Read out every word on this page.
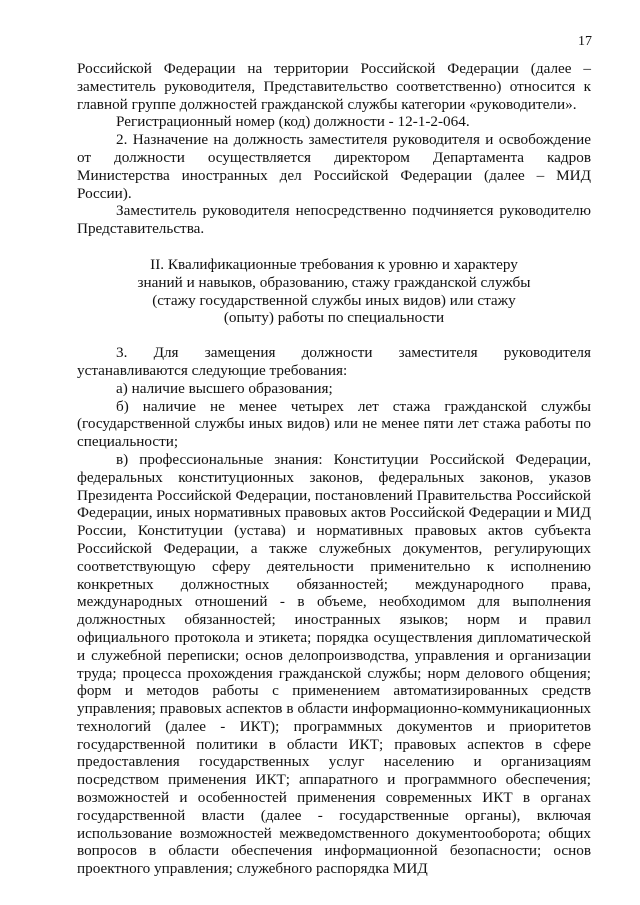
17

Российской Федерации на территории Российской Федерации (далее – заместитель руководителя, Представительство соответственно) относится к главной группе должностей гражданской службы категории «руководители».

Регистрационный номер (код) должности - 12-1-2-064.

2. Назначение на должность заместителя руководителя и освобождение от должности осуществляется директором Департамента кадров Министерства иностранных дел Российской Федерации (далее – МИД России).

Заместитель руководителя непосредственно подчиняется руководителю Представительства.

II. Квалификационные требования к уровню и характеру
знаний и навыков, образованию, стажу гражданской службы
(стажу государственной службы иных видов) или стажу
(опыту) работы по специальности

3. Для замещения должности заместителя руководителя устанавливаются следующие требования:

а) наличие высшего образования;

б) наличие не менее четырех лет стажа гражданской службы (государственной службы иных видов) или не менее пяти лет стажа работы по специальности;

в) профессиональные знания: Конституции Российской Федерации, федеральных конституционных законов, федеральных законов, указов Президента Российской Федерации, постановлений Правительства Российской Федерации, иных нормативных правовых актов Российской Федерации и МИД России, Конституции (устава) и нормативных правовых актов субъекта Российской Федерации, а также служебных документов, регулирующих соответствующую сферу деятельности применительно к исполнению конкретных должностных обязанностей; международного права, международных отношений - в объеме, необходимом для выполнения должностных обязанностей; иностранных языков; норм и правил официального протокола и этикета; порядка осуществления дипломатической и служебной переписки; основ делопроизводства, управления и организации труда; процесса прохождения гражданской службы; норм делового общения; форм и методов работы с применением автоматизированных средств управления; правовых аспектов в области информационно-коммуникационных технологий (далее - ИКТ); программных документов и приоритетов государственной политики в области ИКТ; правовых аспектов в сфере предоставления государственных услуг населению и организациям посредством применения ИКТ; аппаратного и программного обеспечения; возможностей и особенностей применения современных ИКТ в органах государственной власти (далее - государственные органы), включая использование возможностей межведомственного документооборота; общих вопросов в области обеспечения информационной безопасности; основ проектного управления; служебного распорядка МИД
